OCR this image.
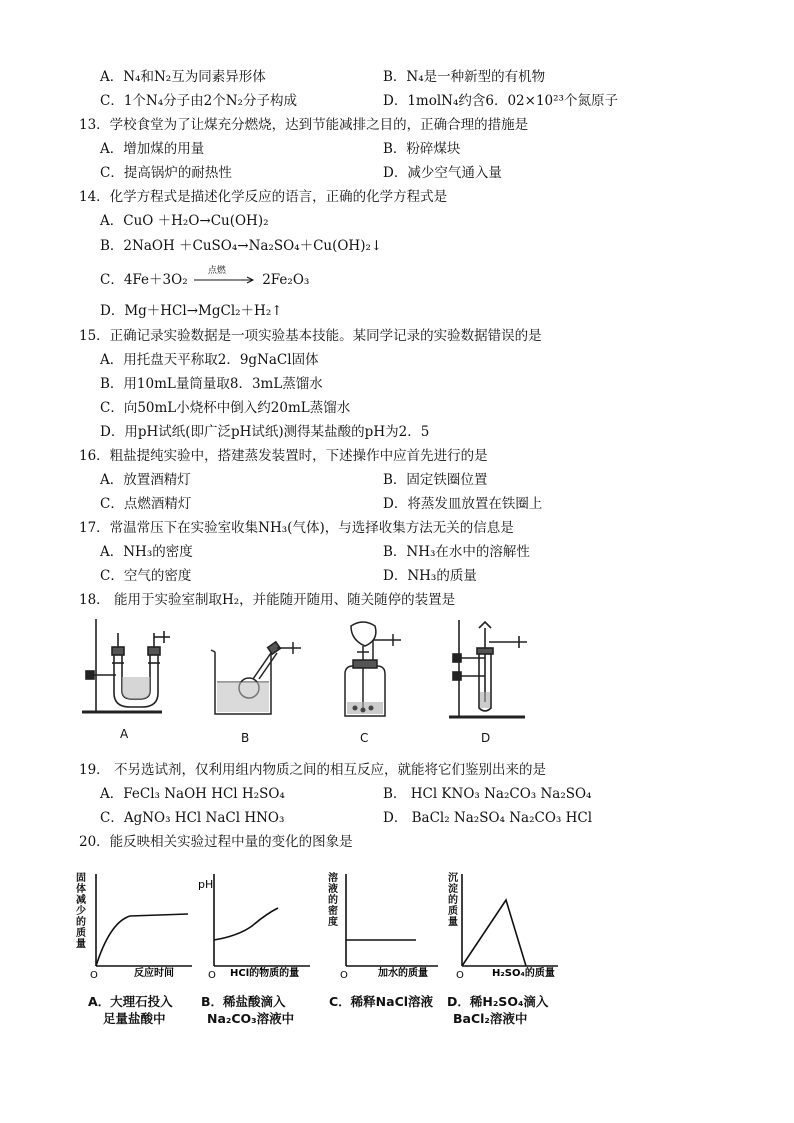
A．N₄和N₂互为同素异形体	B．N₄是一种新型的有机物
C．1个N₄分子由2个N₂分子构成	D．1molN₄约含6．02×10²³个氮原子
13．学校食堂为了让煤充分燃烧，达到节能减排之目的，正确合理的措施是
A．增加煤的用量	B．粉碎煤块
C．提高锅炉的耐热性	D．减少空气通入量
14．化学方程式是描述化学反应的语言，正确的化学方程式是
A．CuO ＋H₂O→Cu(OH)₂
B．2NaOH ＋CuSO₄→Na₂SO₄＋Cu(OH)₂↓
C．4Fe＋3O₂
点燃
2Fe₂O₃
D．Mg＋HCl→MgCl₂＋H₂↑
15．正确记录实验数据是一项实验基本技能。某同学记录的实验数据错误的是
A．用托盘天平称取2．9gNaCl固体
B．用10mL量筒量取8．3mL蒸馏水
C．向50mL小烧杯中倒入约20mL蒸馏水
D．用pH试纸(即广泛pH试纸)测得某盐酸的pH为2．5
16．粗盐提纯实验中，搭建蒸发装置时，下述操作中应首先进行的是
A．放置酒精灯	B．固定铁圈位置
C．点燃酒精灯	D．将蒸发皿放置在铁圈上
17．常温常压下在实验室收集NH₃(气体)，与选择收集方法无关的信息是
A．NH₃的密度	B．NH₃在水中的溶解性
C．空气的密度	D．NH₃的质量
18． 能用于实验室制取H₂，并能随开随用、随关随停的装置是
A	B	C	D
19． 不另选试剂，仅利用组内物质之间的相互反应，就能将它们鉴别出来的是
A．FeCl₃ NaOH HCl H₂SO₄	B． HCl KNO₃ Na₂CO₃ Na₂SO₄
C．AgNO₃ HCl NaCl HNO₃	D． BaCl₂ Na₂SO₄ Na₂CO₃ HCl
20．能反映相关实验过程中量的变化的图象是
O	反应时间
固体减少的质量
A．大理石投入
足量盐酸中
pH
O HCl的物质的量
B．稀盐酸滴入
Na₂CO₃溶液中
O	加水的质量
溶液的密度
C．稀释NaCl溶液
O	H₂SO₄的质量
沉淀的质量
D．稀H₂SO₄滴入
BaCl₂溶液中
